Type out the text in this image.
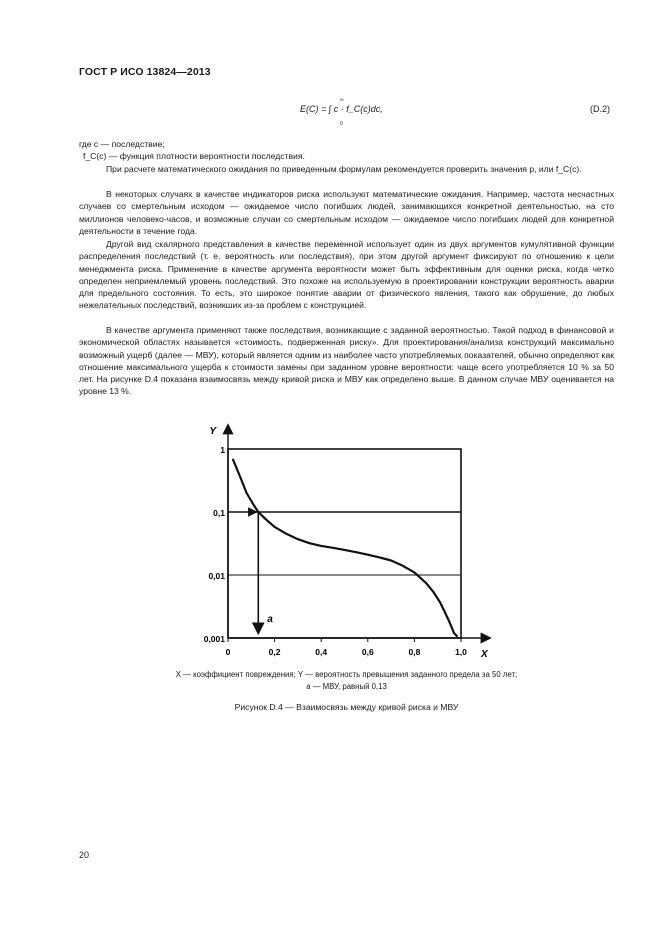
ГОСТ Р ИСО 13824—2013
E(C) = ∫ c · f_C(c)dc,
∞
0
(D.2)
где c — последствие;
f_C(c) — функция плотности вероятности последствия.
При расчете математического ожидания по приведенным формулам рекомендуется проверить значения p, или f_C(c).
В некоторых случаях в качестве индикаторов риска используют математические ожидания. Например, частота несчастных случаев со смертельным исходом — ожидаемое число погибших людей, занимающихся конкретной деятельностью, на сто миллионов человеко-часов, и возможные случаи со смертельным исходом — ожидаемое число погибших людей для конкретной деятельности в течение года.
Другой вид скалярного представления в качестве переменной использует один из двух аргументов кумулятивной функции распределения последствий (т. е. вероятность или последствия), при этом другой аргумент фиксируют по отношению к цели менеджмента риска. Применение в качестве аргумента вероятности может быть эффективным для оценки риска, когда четко определен неприемлемый уровень последствий. Это похоже на используемую в проектировании конструкции вероятность аварии для предельного состояния. То есть, это широкое понятие аварии от физического явления, такого как обрушение, до любых нежелательных последствий, возникших из-за проблем с конструкцией.
В качестве аргумента применяют также последствия, возникающие с заданной вероятностью. Такой подход в финансовой и экономической областях называется «стоимость, подверженная риску». Для проектирования/анализа конструкций максимально возможный ущерб (далее — МВУ), который является одним из наиболее часто употребляемых показателей, обычно определяют как отношение максимального ущерба к стоимости замены при заданном уровне вероятности: чаще всего употребляется 10 % за 50 лет. На рисунке D.4 показана взаимосвязь между кривой риска и МВУ как определено выше. В данном случае МВУ оценивается на уровне 13 %.
Y
X
0,001
0,01
0,1
1
0	0,2	0,4	0,6	0,8	1,0
a
X — коэффициент повреждения; Y — вероятность превышения заданного предела за 50 лет;
a — МВУ, равный 0,13
Рисунок D.4 — Взаимосвязь между кривой риска и МВУ
20
